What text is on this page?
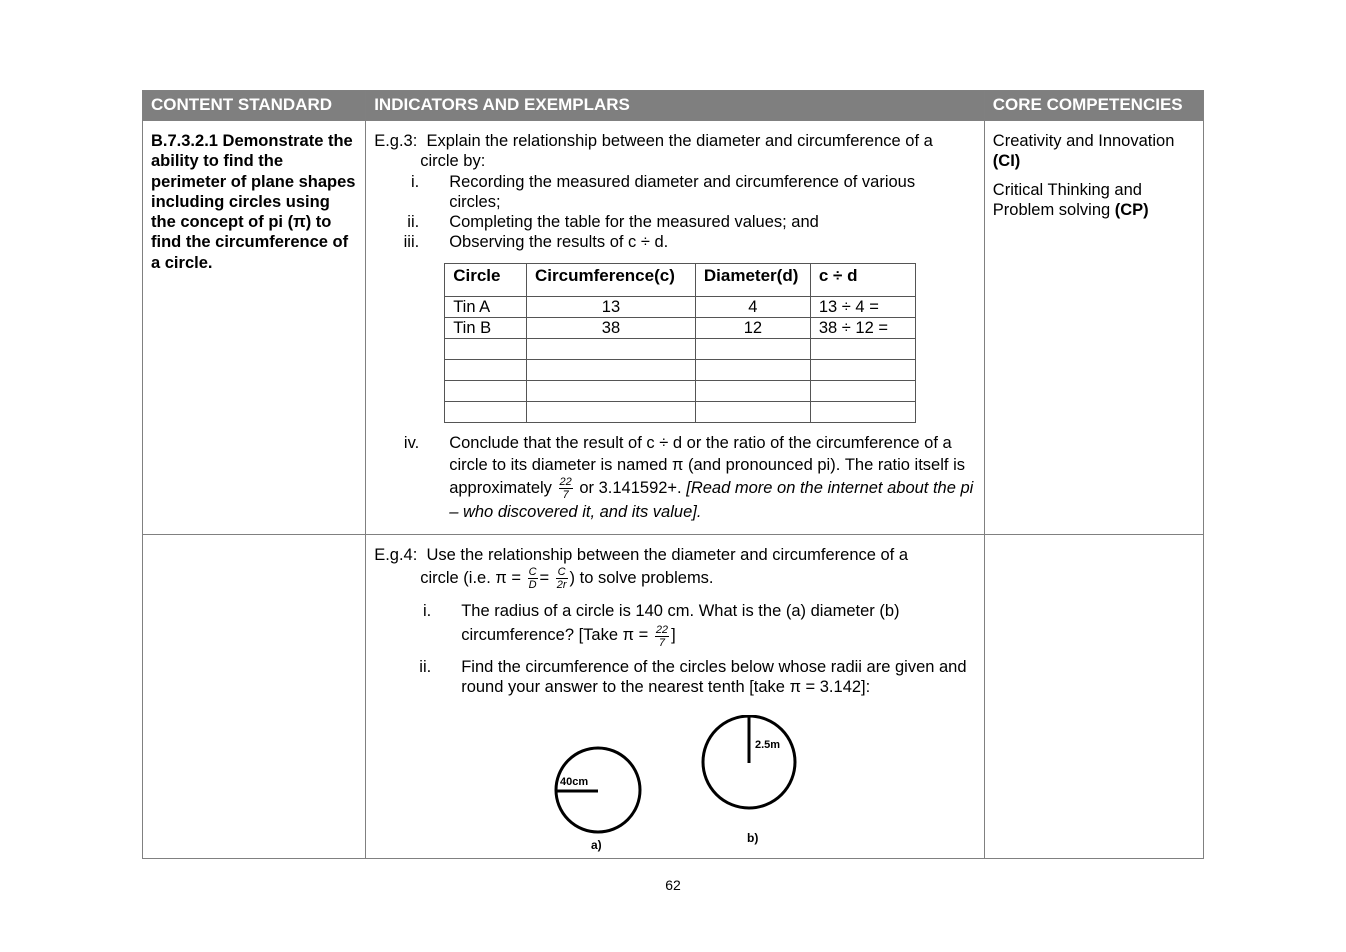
CONTENT STANDARD	INDICATORS AND EXEMPLARS	CORE COMPETENCIES

B.7.3.2.1 Demonstrate the ability to find the perimeter of plane shapes including circles using the concept of pi (π) to find the circumference of a circle.

E.g.3: Explain the relationship between the diameter and circumference of a
circle by:
i. Recording the measured diameter and circumference of various circles;
ii. Completing the table for the measured values; and
iii. Observing the results of c ÷ d.
Circle	Circumference(c)	Diameter(d)	c ÷ d
Tin A	13	4	13 ÷ 4 =
Tin B	38	12	38 ÷ 12 =

iv. Conclude that the result of c ÷ d or the ratio of the circumference of a circle to its diameter is named π (and pronounced pi). The ratio itself is approximately $\frac{22}{7}$ or 3.141592+. [Read more on the internet about the pi – who discovered it, and its value].

Creativity and Innovation (CI)

Critical Thinking and Problem solving (CP)

E.g.4: Use the relationship between the diameter and circumference of a
circle (i.e. $\pi = \frac{C}{D} = \frac{C}{2r}$ ) to solve problems.
i. The radius of a circle is 140 cm. What is the (a) diameter (b) circumference? [Take $\pi = \frac{22}{7}$ ]
ii. Find the circumference of the circles below whose radii are given and round your answer to the nearest tenth [take π = 3.142]:
40cm
a)
2.5m
b)

62
